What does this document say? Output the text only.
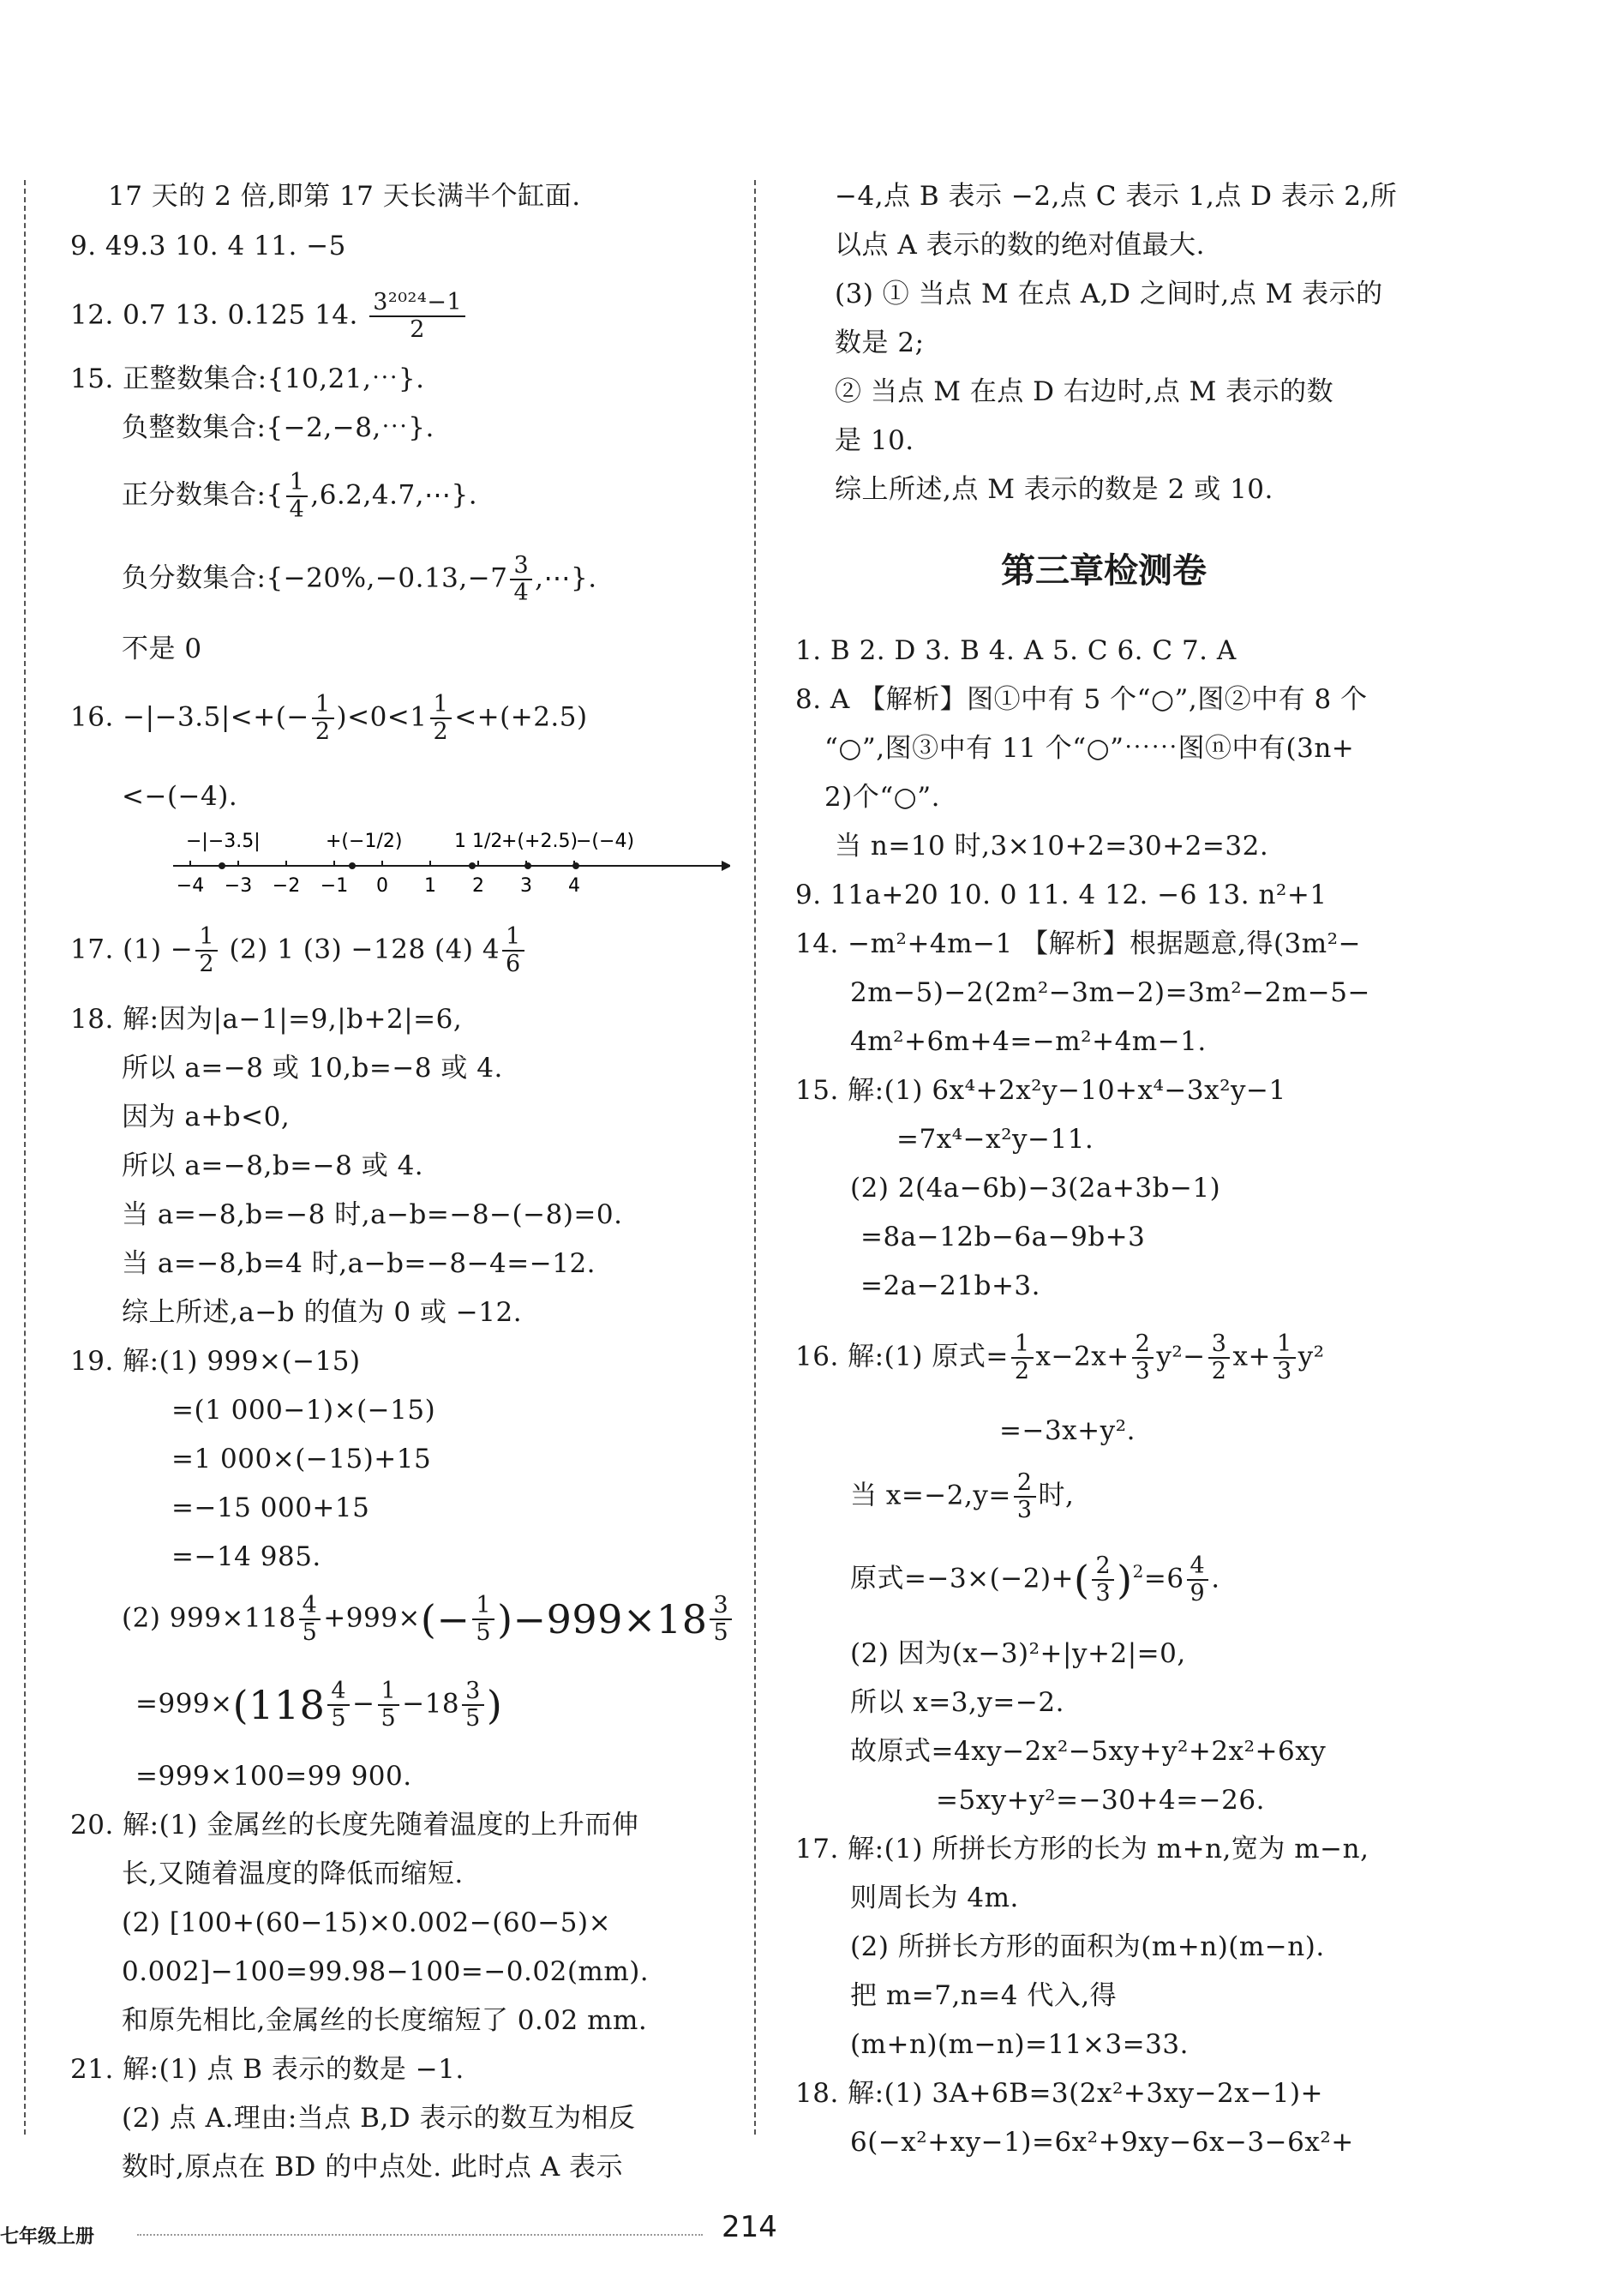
17 天的 2 倍,即第 17 天长满半个缸面.
9. 49.3 10. 4 11. −5
12. 0.7 13. 0.125 14. $\frac{\text{3²⁰²⁴−1}}{2}$
15. 正整数集合:{10,21,⋯}.
负整数集合:{−2,−8,⋯}.
正分数集合:{ $\frac{1}{4}$ ,6.2,4.7,⋯}.
负分数集合:{−20%,−0.13,−7 $\frac{3}{4}$ ,⋯}.
不是 0
16. $-|-3.5|<+(- \frac{1}{2} )<0<1 \frac{1}{2} <+(+2.5)$
<−(−4).
−4 −3 −2 −1 0 1 2 3 4
−|−3.5|	+(−1/2)	1 1/2
+(+2.5)
−(−4)
17. $(1) - \frac{1}{2} (2)$ 1 (3) −128 (4) $4 \frac{1}{6}$
18. 解:因为|a−1|=9,|b+2|=6,
所以 a=−8 或 10,b=−8 或 4.
因为 a+b<0,
所以 a=−8,b=−8 或 4.
当 a=−8,b=−8 时,a−b=−8−(−8)=0.
当 a=−8,b=4 时,a−b=−8−4=−12.
综上所述,a−b 的值为 0 或 −12.
19. 解:(1) 999×(−15)
=(1 000−1)×(−15)
=1 000×(−15)+15
=−15 000+15
=−14 985.
(2) $999\times 118 \frac{4}{5} +999\times(- \frac{1}{5} )-999\times 18 \frac{3}{5}$
$=999\times(118 \frac{4}{5} - \frac{1}{5} -18 \frac{3}{5}$ )
=999×100=99 900.
20. 解:(1) 金属丝的长度先随着温度的上升而伸
长,又随着温度的降低而缩短.
(2) [100+(60−15)×0.002−(60−5)×
0.002]−100=99.98−100=−0.02(mm).
和原先相比,金属丝的长度缩短了 0.02 mm.
21. 解:(1) 点 B 表示的数是 −1.
(2) 点 A.理由:当点 B,D 表示的数互为相反
数时,原点在 BD 的中点处. 此时点 A 表示
−4,点 B 表示 −2,点 C 表示 1,点 D 表示 2,所
以点 A 表示的数的绝对值最大.
(3) ① 当点 M 在点 A,D 之间时,点 M 表示的
数是 2;
② 当点 M 在点 D 右边时,点 M 表示的数
是 10.
综上所述,点 M 表示的数是 2 或 10.
第三章检测卷
1. B 2. D 3. B 4. A 5. C 6. C 7. A
8. A 【解析】图①中有 5 个“○”,图②中有 8 个
“○”,图③中有 11 个“○”⋯⋯图ⓝ中有(3n+
2)个“○”.
当 n=10 时,3×10+2=30+2=32.
9. 11a+20 10. 0 11. 4 12. −6 13. n²+1
14. −m²+4m−1 【解析】根据题意,得(3m²−
2m−5)−2(2m²−3m−2)=3m²−2m−5−
4m²+6m+4=−m²+4m−1.
15. 解:(1) 6x⁴+2x²y−10+x⁴−3x²y−1
=7x⁴−x²y−11.
(2) 2(4a−6b)−3(2a+3b−1)
=8a−12b−6a−9b+3
=2a−21b+3.
16. 解:(1) 原式= $\frac{1}{2} x-2x+ \frac{2}{3} y^2- \frac{3}{2} x+ \frac{1}{3} y^2$
=−3x+y².
当 $x=-2,y= \frac{2}{3}$ 时,
原式$=-3\times(-2)+( \frac{2}{3} )^2=6 \frac{4}{9}$ .
(2) 因为(x−3)²+|y+2|=0,
所以 x=3,y=−2.
故原式=4xy−2x²−5xy+y²+2x²+6xy
=5xy+y²=−30+4=−26.
17. 解:(1) 所拼长方形的长为 m+n,宽为 m−n,
则周长为 4m.
(2) 所拼长方形的面积为(m+n)(m−n).
把 m=7,n=4 代入,得
(m+n)(m−n)=11×3=33.
18. 解:(1) 3A+6B=3(2x²+3xy−2x−1)+
6(−x²+xy−1)=6x²+9xy−6x−3−6x²+
七年级上册	214
